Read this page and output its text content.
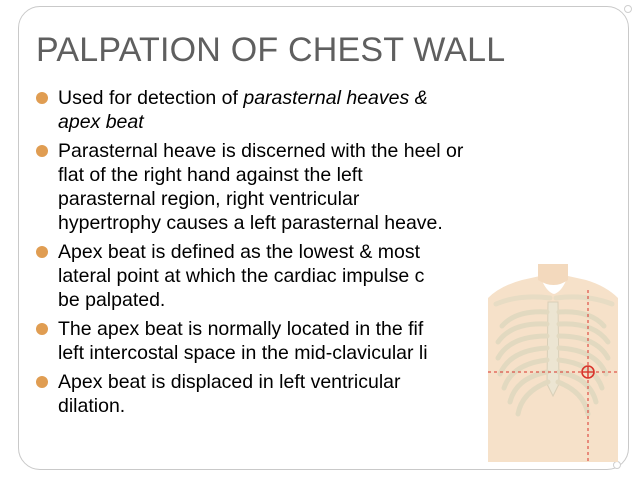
PALPATION OF CHEST WALL
Used for detection of parasternal heaves &
apex beat
Parasternal heave is discerned with the heel or
flat of the right hand against the left
parasternal region, right ventricular
hypertrophy causes a left parasternal heave.
Apex beat is defined as the lowest & most
lateral point at which the cardiac impulse c
be palpated.
The apex beat is normally located in the fif
left intercostal space in the mid-clavicular li
Apex beat is displaced in left ventricular
dilation.
